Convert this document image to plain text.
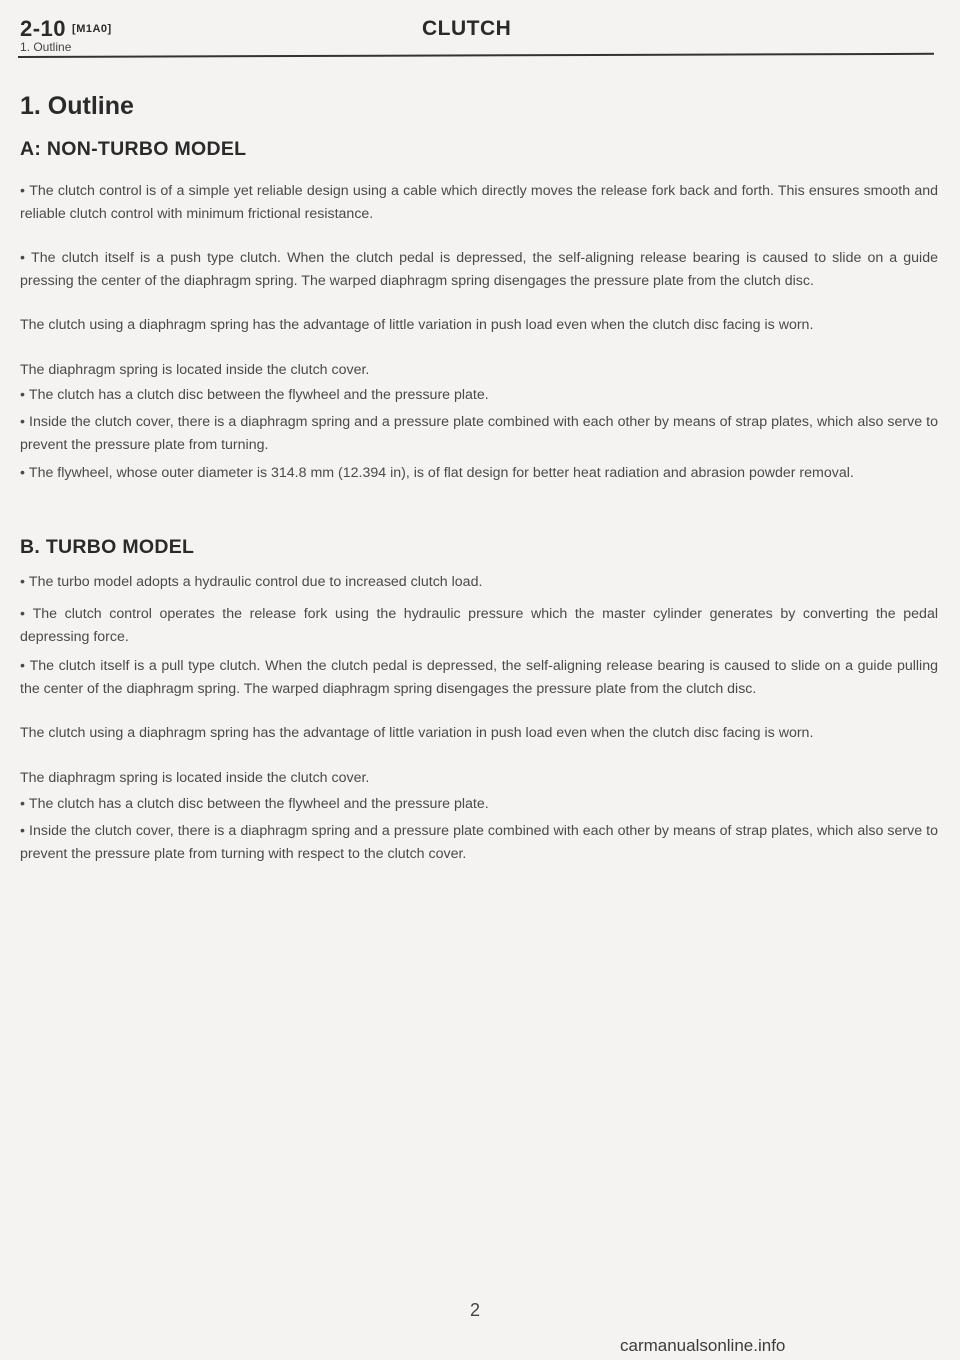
2-10 [M1A0]	CLUTCH
1. Outline
1. Outline
A: NON-TURBO MODEL

• The clutch control is of a simple yet reliable design using a cable which directly moves the release fork back and forth. This ensures smooth and reliable clutch control with minimum frictional resistance.

• The clutch itself is a push type clutch. When the clutch pedal is depressed, the self-aligning release bearing is caused to slide on a guide pressing the center of the diaphragm spring. The warped diaphragm spring disengages the pressure plate from the clutch disc.

The clutch using a diaphragm spring has the advantage of little variation in push load even when the clutch disc facing is worn.

The diaphragm spring is located inside the clutch cover.

• The clutch has a clutch disc between the flywheel and the pressure plate.

• Inside the clutch cover, there is a diaphragm spring and a pressure plate combined with each other by means of strap plates, which also serve to prevent the pressure plate from turning.

• The flywheel, whose outer diameter is 314.8 mm (12.394 in), is of flat design for better heat radiation and abrasion powder removal.

B. TURBO MODEL

• The turbo model adopts a hydraulic control due to increased clutch load.

• The clutch control operates the release fork using the hydraulic pressure which the master cylinder generates by converting the pedal depressing force.

• The clutch itself is a pull type clutch. When the clutch pedal is depressed, the self-aligning release bearing is caused to slide on a guide pulling the center of the diaphragm spring. The warped diaphragm spring disengages the pressure plate from the clutch disc.

The clutch using a diaphragm spring has the advantage of little variation in push load even when the clutch disc facing is worn.

The diaphragm spring is located inside the clutch cover.

• The clutch has a clutch disc between the flywheel and the pressure plate.

• Inside the clutch cover, there is a diaphragm spring and a pressure plate combined with each other by means of strap plates, which also serve to prevent the pressure plate from turning with respect to the clutch cover.

2
carmanualsonline.info
